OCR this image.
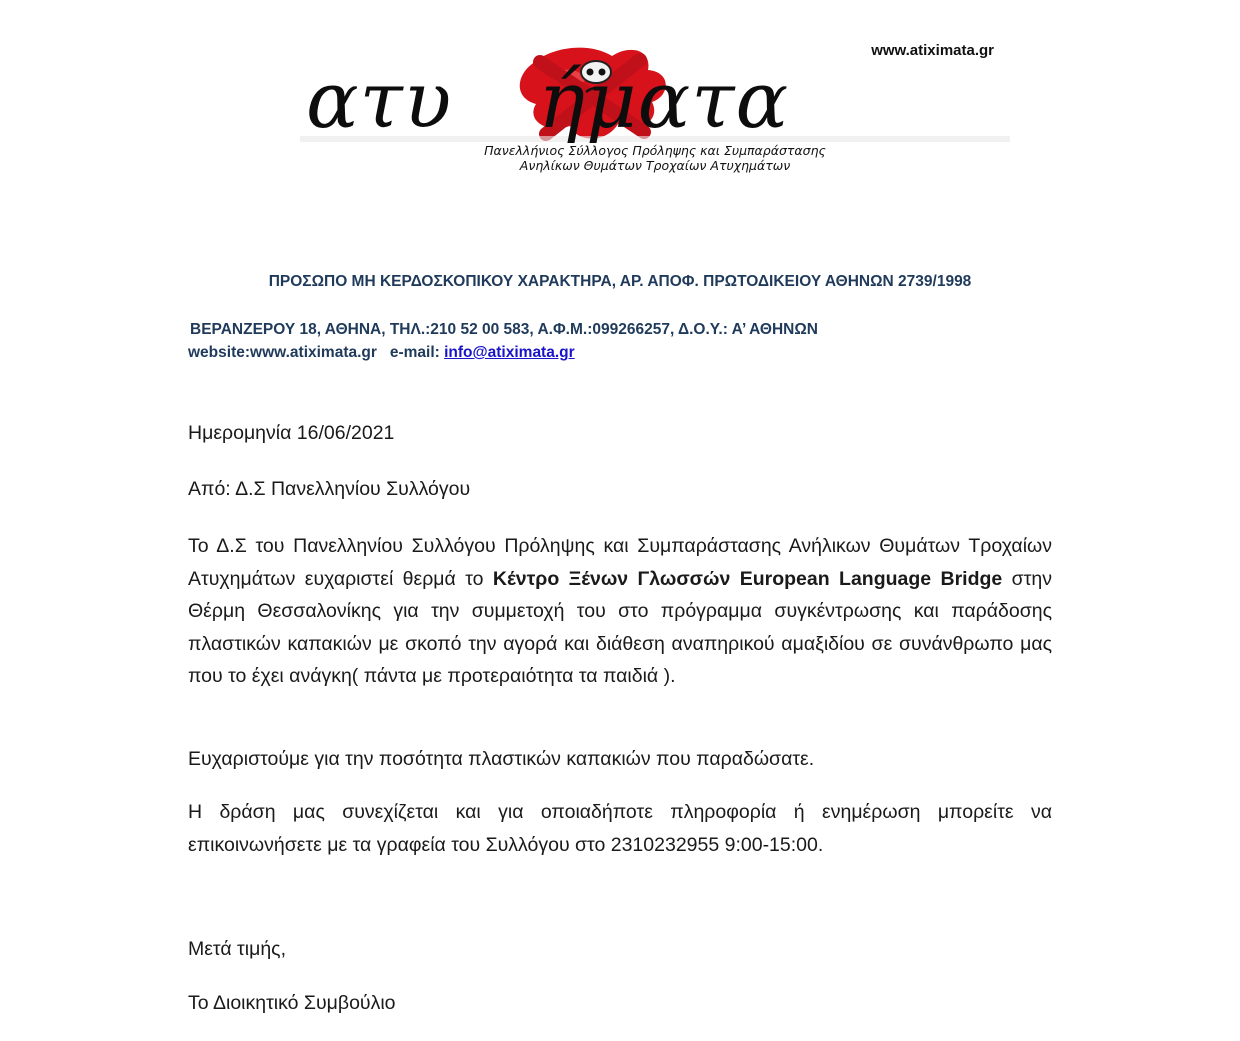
www.atiximata.gr
ατυ ήματα
Πανελλήνιος Σύλλογος Πρόληψης και Συμπαράστασης
Ανηλίκων Θυμάτων Τροχαίων Ατυχημάτων
ΠΡΟΣΩΠΟ ΜΗ ΚΕΡΔΟΣΚΟΠΙΚΟΥ ΧΑΡΑΚΤΗΡΑ, ΑΡ. ΑΠΟΦ. ΠΡΩΤΟΔΙΚΕΙΟΥ ΑΘΗΝΩΝ 2739/1998
ΒΕΡΑΝΖΕΡΟΥ 18, ΑΘΗΝΑ, ΤΗΛ.:210 52 00 583, Α.Φ.Μ.:099266257, Δ.Ο.Υ.: Α’ ΑΘΗΝΩΝ
website:www.atiximata.gr e-mail: info@atiximata.gr
Ημερομηνία 16/06/2021
Από: Δ.Σ Πανελληνίου Συλλόγου
Το Δ.Σ του Πανελληνίου Συλλόγου Πρόληψης και Συμπαράστασης Ανήλικων Θυμάτων Τροχαίων Ατυχημάτων ευχαριστεί θερμά το Κέντρο Ξένων Γλωσσών European Language Bridge στην Θέρμη Θεσσαλονίκης για την συμμετοχή του στο πρόγραμμα συγκέντρωσης και παράδοσης πλαστικών καπακιών με σκοπό την αγορά και διάθεση αναπηρικού αμαξιδίου σε συνάνθρωπο μας που το έχει ανάγκη( πάντα με προτεραιότητα τα παιδιά ).
Ευχαριστούμε για την ποσότητα πλαστικών καπακιών που παραδώσατε.
Η δράση μας συνεχίζεται και για οποιαδήποτε πληροφορία ή ενημέρωση μπορείτε να επικοινωνήσετε με τα γραφεία του Συλλόγου στο 2310232955 9:00-15:00.
Μετά τιμής,
Το Διοικητικό Συμβούλιο
